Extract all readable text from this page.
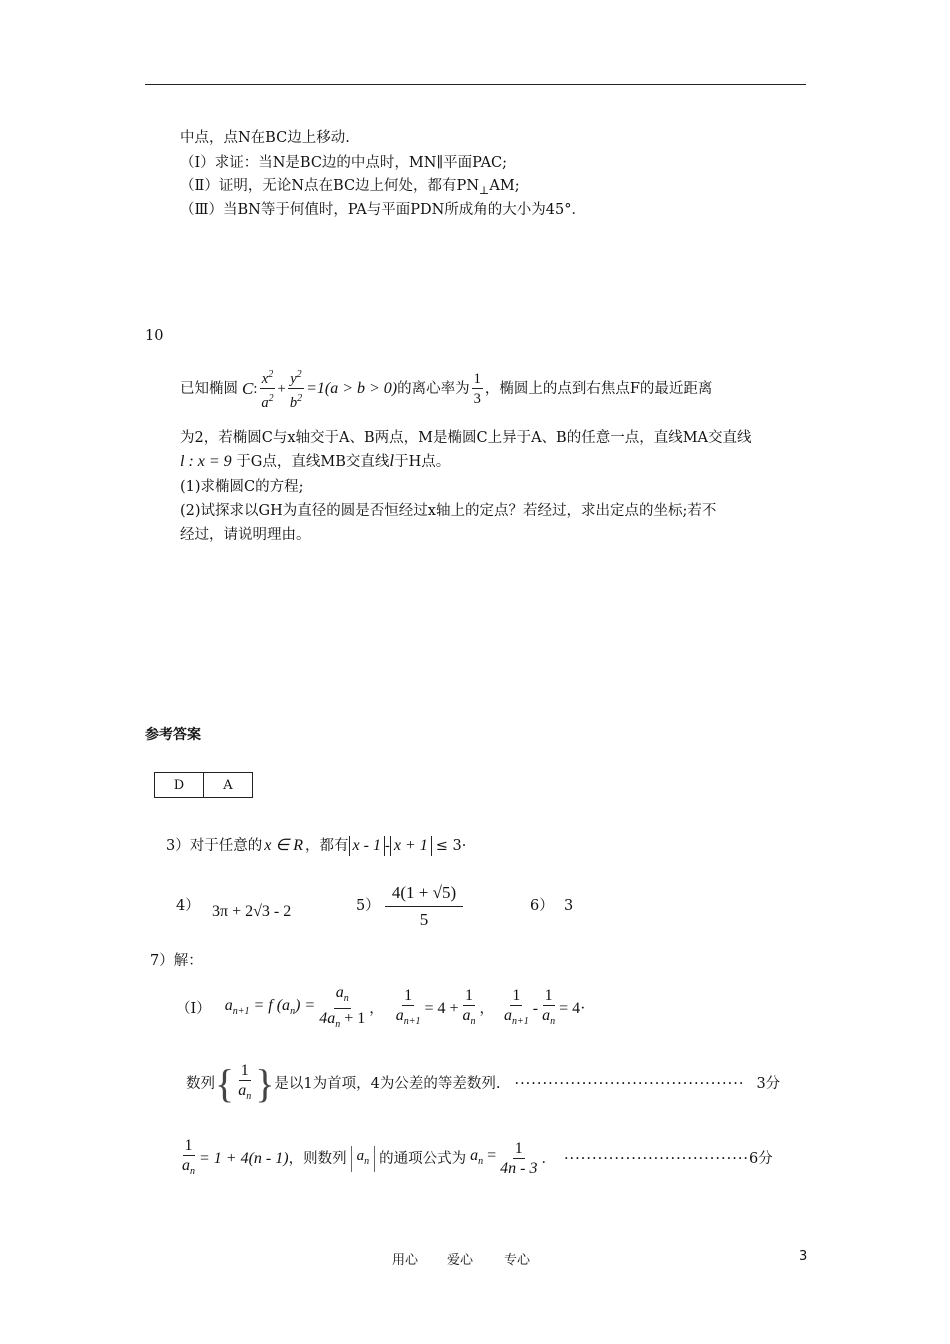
中点，点N在BC边上移动.
（I）求证：当N是BC边的中点时，MN∥平面PAC;
（Ⅱ）证明，无论N点在BC边上何处，都有$PN_\perp AM$;
（Ⅲ）当BN等于何值时，PA与平面PDN所成角的大小为45°．
10
已知椭圆 C : $\frac{x^2}{a^2} + \frac{y^2}{b^2} =1(a > b > 0)$ 的离心率为 $\frac{1}{3}$ ，椭圆上的点到右焦点F的最近距离
为2，若椭圆C与x轴交于A、B两点，M是椭圆C上异于A、B的任意一点，直线MA交直线
l : x = 9 于G点，直线MB交直线l于H点。
(1)求椭圆C的方程;
(2)试探求以GH为直径的圆是否恒经过x轴上的定点？若经过，求出定点的坐标;若不
经过，请说明理由。
参考答案
D	A
3）对于任意的 x ∈ R ，都有 x - 1 - x + 1 ≤ 3·
4） 3π + 2√3 - 2	$5) \frac{4(1 + √5)}{5}$	6） 3
7）解：
（Ⅰ） $a_{n+1} = f$ $(a_n) = \frac{a_n}{4a_n + 1}$ ， $\frac{1}{a_{n+1}} = 4 + \frac{1}{a_n}$ ， $\frac{1}{a_{n+1}} - \frac{1}{a_n} = 4\cdot$
数列 { $\frac{1}{a_n}$ } 是以1为首项，4为公差的等差数列. ········································· 3分
$\frac{1}{a_n} = 1 + 4(n - 1)$ ，则数列 $a_n$ 的通项公式为 $a_n = \frac{1}{4n - 3}$ ． ································· 6分
用心 爱心 专心	3
